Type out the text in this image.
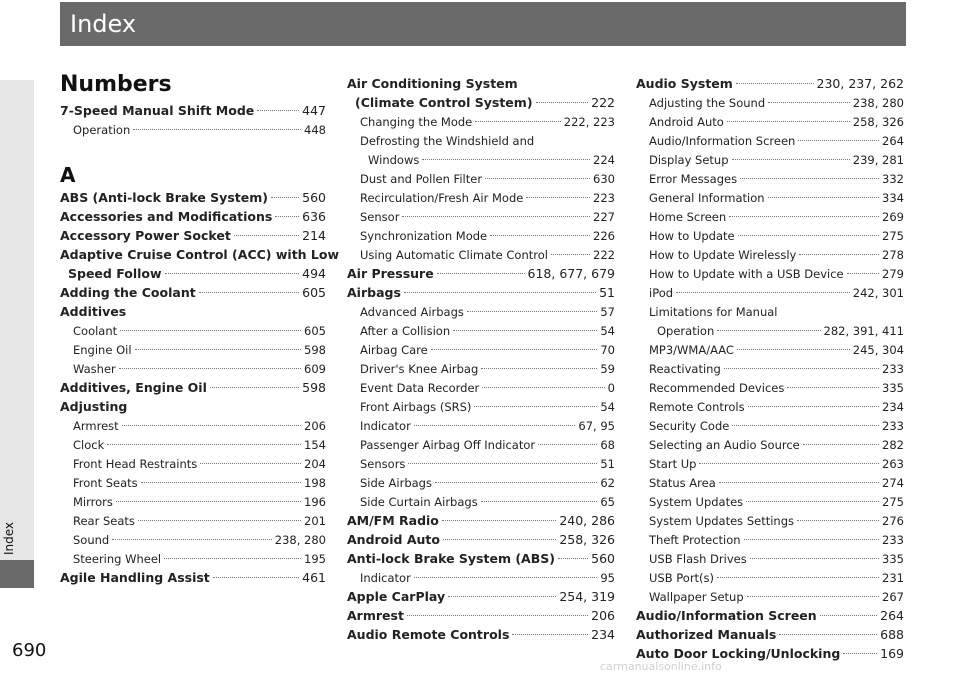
Index
Index
690
carmanualsonline.info
Numbers
7-Speed Manual Shift Mode	447
Operation	448
A
ABS (Anti-lock Brake System)	560
Accessories and Modifications 636
Accessory Power Socket	214
Adaptive Cruise Control (ACC) with Low
Speed Follow	494
Adding the Coolant	605
Additives
Coolant	605
Engine Oil	598
Washer	609
Additives, Engine Oil	598
Adjusting
Armrest	206
Clock	154
Front Head Restraints	204
Front Seats	198
Mirrors	196
Rear Seats	201
Sound	238, 280
Steering Wheel	195
Agile Handling Assist	461
Air Conditioning System
(Climate Control System)	222
Changing the Mode	222, 223
Defrosting the Windshield and
Windows	224
Dust and Pollen Filter	630
Recirculation/Fresh Air Mode	223
Sensor	227
Synchronization Mode	226
Using Automatic Climate Control	222
Air Pressure	618, 677, 679
Airbags	51
Advanced Airbags	57
After a Collision	54
Airbag Care	70
Driver's Knee Airbag	59
Event Data Recorder	0
Front Airbags (SRS)	54
Indicator	67, 95
Passenger Airbag Off Indicator	68
Sensors	51
Side Airbags	62
Side Curtain Airbags	65
AM/FM Radio	240, 286
Android Auto	258, 326
Anti-lock Brake System (ABS)	560
Indicator	95
Apple CarPlay	254, 319
Armrest	206
Audio Remote Controls	234
Audio System	230, 237, 262
Adjusting the Sound	238, 280
Android Auto	258, 326
Audio/Information Screen	264
Display Setup	239, 281
Error Messages	332
General Information	334
Home Screen	269
How to Update	275
How to Update Wirelessly	278
How to Update with a USB Device	279
iPod	242, 301
Limitations for Manual
Operation	282, 391, 411
MP3/WMA/AAC	245, 304
Reactivating	233
Recommended Devices	335
Remote Controls	234
Security Code	233
Selecting an Audio Source	282
Start Up	263
Status Area	274
System Updates	275
System Updates Settings	276
Theft Protection	233
USB Flash Drives	335
USB Port(s)	231
Wallpaper Setup	267
Audio/Information Screen	264
Authorized Manuals	688
Auto Door Locking/Unlocking	169
